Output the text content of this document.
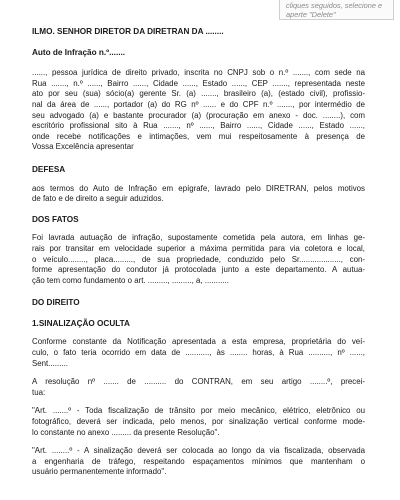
cliques seguidos, selecione e
aperte "Delete"

ILMO. SENHOR DIRETOR DA DIRETRAN DA ........

Auto de Infração n.º.......

......, pessoa jurídica de direito privado, inscrita no CNPJ sob o n.º ......., com sede na
Rua ......., n.º ......, Bairro ......, Cidade ......, Estado ......, CEP ......., representada neste
ato por seu (sua) sócio(a) gerente Sr. (a) ......., brasileiro (a), (estado civil), profissio-
nal da área de ......, portador (a) do RG nº ...... e do CPF n.º ......., por intermédio de
seu advogado (a) e bastante procurador (a) (procuração em anexo - doc. ........), com
escritório profissional sito à Rua ......., nº ......, Bairro ......, Cidade ......, Estado ......,
onde recebe notificações e intimações, vem mui respeitosamente à presença de
Vossa Excelência apresentar

DEFESA

aos termos do Auto de Infração em epígrafe, lavrado pelo DIRETRAN, pelos motivos
de fato e de direito a seguir aduzidos.

DOS FATOS

Foi lavrada autuação de infração, supostamente cometida pela autora, em linhas ge-
rais por transitar em velocidade superior a máxima permitida para via coletora e local,
o veículo........, placa........., de sua propriedade, conduzido pelo Sr..................., con-
forme apresentação do condutor já protocolada junto a este departamento. A autua-
ção tem como fundamento o art. ........., ........., a, ...........

DO DIREITO

1.SINALIZAÇÃO OCULTA

Conforme constante da Notificação apresentada a esta empresa, proprietária do veí-
culo, o fato teria ocorrido em data de ..........., às ........ horas, à Rua .........., nº ......,
Sent.........

A resolução nº ....... de .......... do CONTRAN, em seu artigo ........º, precei-
tua:

"Art. .......º - Toda fiscalização de trânsito por meio mecânico, elétrico, eletrônico ou
fotográfico, deverá ser indicada, pelo menos, por sinalização vertical conforme mode-
lo constante no anexo ......... da presente Resolução".

"Art. ........º - A sinalização deverá ser colocada ao longo da via fiscalizada, observada
a engenharia de tráfego, respeitando espaçamentos mínimos que mantenham o
usuário permanentemente informado".
